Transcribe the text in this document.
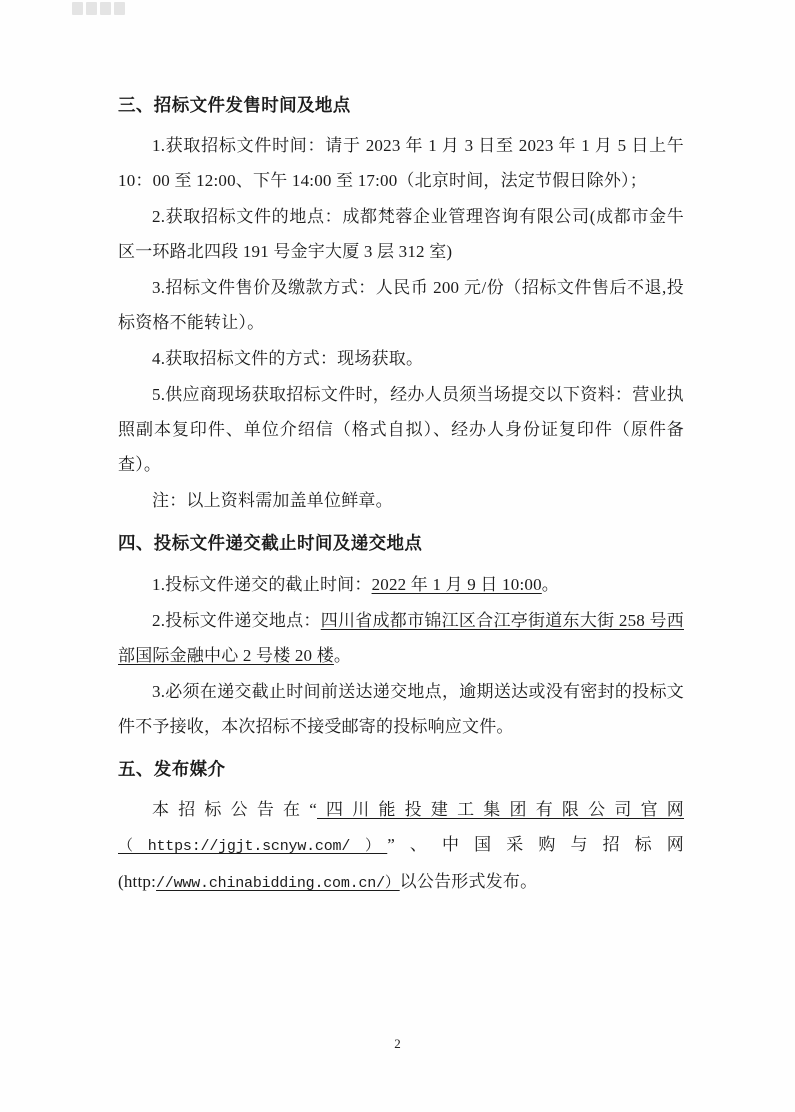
三、招标文件发售时间及地点

1.获取招标文件时间：请于 2023 年 1 月 3 日至 2023 年 1 月 5 日上午 10：00 至 12:00、下午 14:00 至 17:00（北京时间，法定节假日除外）；

2.获取招标文件的地点：成都梵蓉企业管理咨询有限公司(成都市金牛区一环路北四段 191 号金宇大厦 3 层 312 室)

3.招标文件售价及缴款方式：人民币 200 元/份（招标文件售后不退,投标资格不能转让）。

4.获取招标文件的方式：现场获取。

5.供应商现场获取招标文件时，经办人员须当场提交以下资料：营业执照副本复印件、单位介绍信（格式自拟）、经办人身份证复印件（原件备查）。

注：以上资料需加盖单位鲜章。

四、投标文件递交截止时间及递交地点

1.投标文件递交的截止时间：2022 年 1 月 9 日 10:00。

2.投标文件递交地点：四川省成都市锦江区合江亭街道东大街 258 号西部国际金融中心 2 号楼 20 楼。

3.必须在递交截止时间前送达递交地点，逾期送达或没有密封的投标文件不予接收，本次招标不接受邮寄的投标响应文件。

五、发布媒介

本招标公告在“四川能投建工集团有限公司官网（https://jgjt.scnyw.com/）”、中国采购与招标网(http://www.chinabidding.com.cn/）以公告形式发布。

2
